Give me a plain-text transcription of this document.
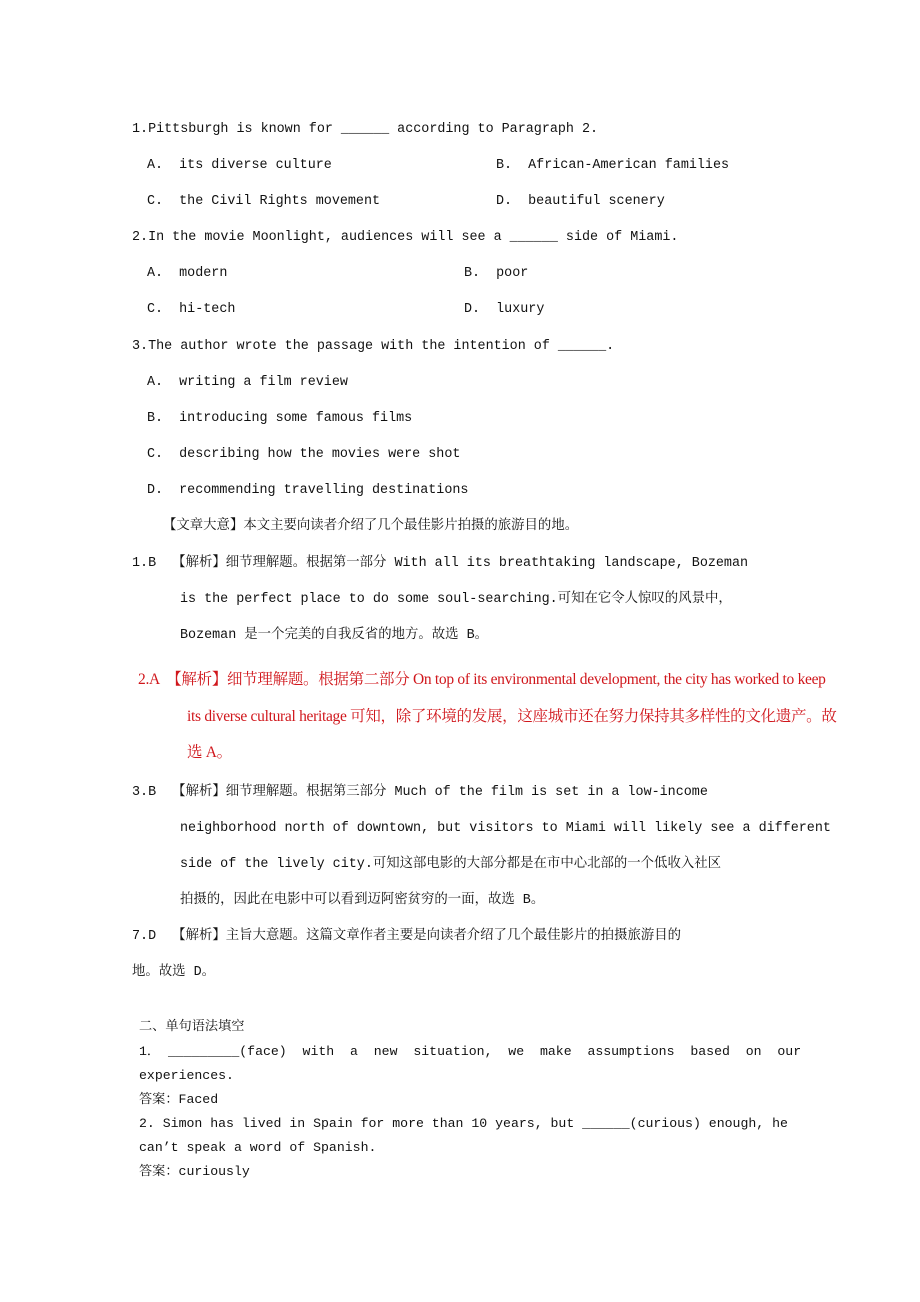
1.Pittsburgh is known for ______ according to Paragraph 2.
A.  its diverse culture	B.  African-American families
C.  the Civil Rights movement	D.  beautiful scenery
2.In the movie Moonlight, audiences will see a ______ side of Miami.
A.  modern	B.  poor
C.  hi-tech	D.  luxury
3.The author wrote the passage with the intention of ______.
A.  writing a film review
B.  introducing some famous films
C.  describing how the movies were shot
D.  recommending travelling destinations
【文章大意】本文主要向读者介绍了几个最佳影片拍摄的旅游目的地。
1.B  【解析】细节理解题。根据第一部分 With all its breathtaking landscape, Bozeman
is the perfect place to do some soul-searching.可知在它令人惊叹的风景中，
Bozeman 是一个完美的自我反省的地方。故选 B。
2.A  【解析】细节理解题。根据第二部分 On top of its environmental development, the city has worked to keep
its diverse cultural heritage 可知，除了环境的发展，这座城市还在努力保持其多样性的文化遗产。故
选 A。
3.B  【解析】细节理解题。根据第三部分 Much of the film is set in a low-income
neighborhood north of downtown, but visitors to Miami will likely see a different
side of the lively city.可知这部电影的大部分都是在市中心北部的一个低收入社区
拍摄的，因此在电影中可以看到迈阿密贫穷的一面，故选 B。
7.D  【解析】主旨大意题。这篇文章作者主要是向读者介绍了几个最佳影片的拍摄旅游目的
地。故选 D。
二、单句语法填空
1． _________(face)  with  a  new  situation,  we  make  assumptions  based  on  our
experiences.
答案：Faced
2. Simon has lived in Spain for more than 10 years, but ______(curious) enough, he
can’t speak a word of Spanish.
答案：curiously
